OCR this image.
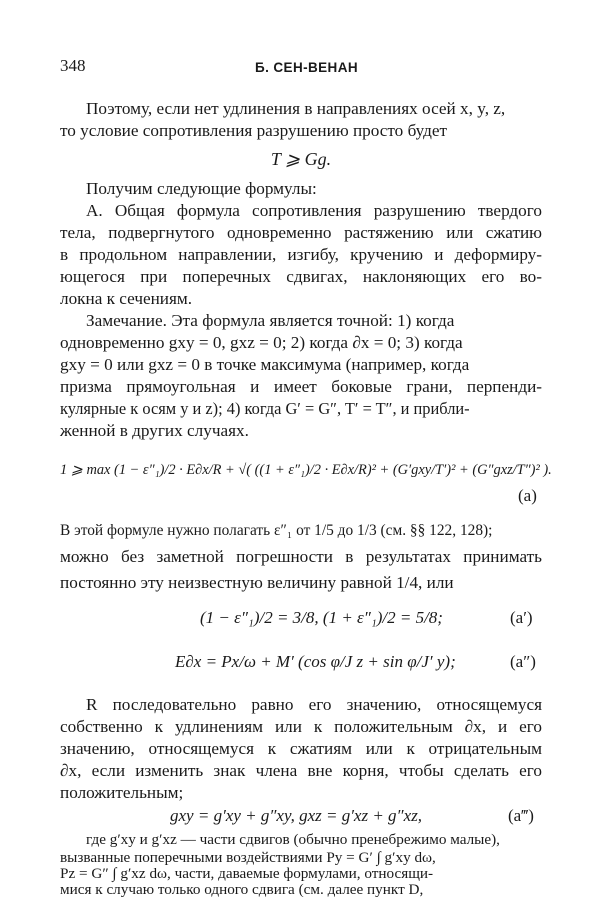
348	Б. СЕН-ВЕНАН
Поэтому, если нет удлинения в направлениях осей x, y, z,
то условие сопротивления разрушению просто будет
T ⩾ Gg.
Получим следующие формулы:
А. Общая формула сопротивления разрушению твердого
тела, подвергнутого одновременно растяжению или сжатию
в продольном направлении, изгибу, кручению и деформиру-
ющегося при поперечных сдвигах, наклоняющих его во-
локна к сечениям.
Замечание. Эта формула является точной: 1) когда
одновременно gxy = 0, gxz = 0; 2) когда ∂x = 0; 3) когда
gxy = 0 или gxz = 0 в точке максимума (например, когда
призма прямоугольная и имеет боковые грани, перпенди-
кулярные к осям y и z); 4) когда G′ = G″, T′ = T″, и прибли-
женной в других случаях.
1 ⩾ max (1 − ε″₁)/2 · E∂x/R + √( ((1 + ε″₁)/2 · E∂x/R)² + (G′gxy/T′)² + (G″gxz/T″)² ).
(a)
В этой формуле нужно полагать ε″₁ от 1/5 до 1/3 (см. §§ 122, 128);
можно без заметной погрешности в результатах принимать
постоянно эту неизвестную величину равной 1/4, или
(1 − ε″₁)/2 = 3/8, (1 + ε″₁)/2 = 5/8;	(a′)
E∂x = Px/ω + M′ (cos φ/J z + sin φ/J′ y);	(a″)
R последовательно равно его значению, относящемуся
собственно к удлинениям или к положительным ∂x, и его
значению, относящемуся к сжатиям или к отрицательным
∂x, если изменить знак члена вне корня, чтобы сделать его
положительным;
gxy = g′xy + g″xy, gxz = g′xz + g″xz,	(a‴)
где g′xy и g′xz — части сдвигов (обычно пренебрежимо малые),
вызванные поперечными воздействиями Py = G′ ∫ g′xy dω,
Pz = G″ ∫ g′xz dω, части, даваемые формулами, относящи-
мися к случаю только одного сдвига (см. далее пункт D,
